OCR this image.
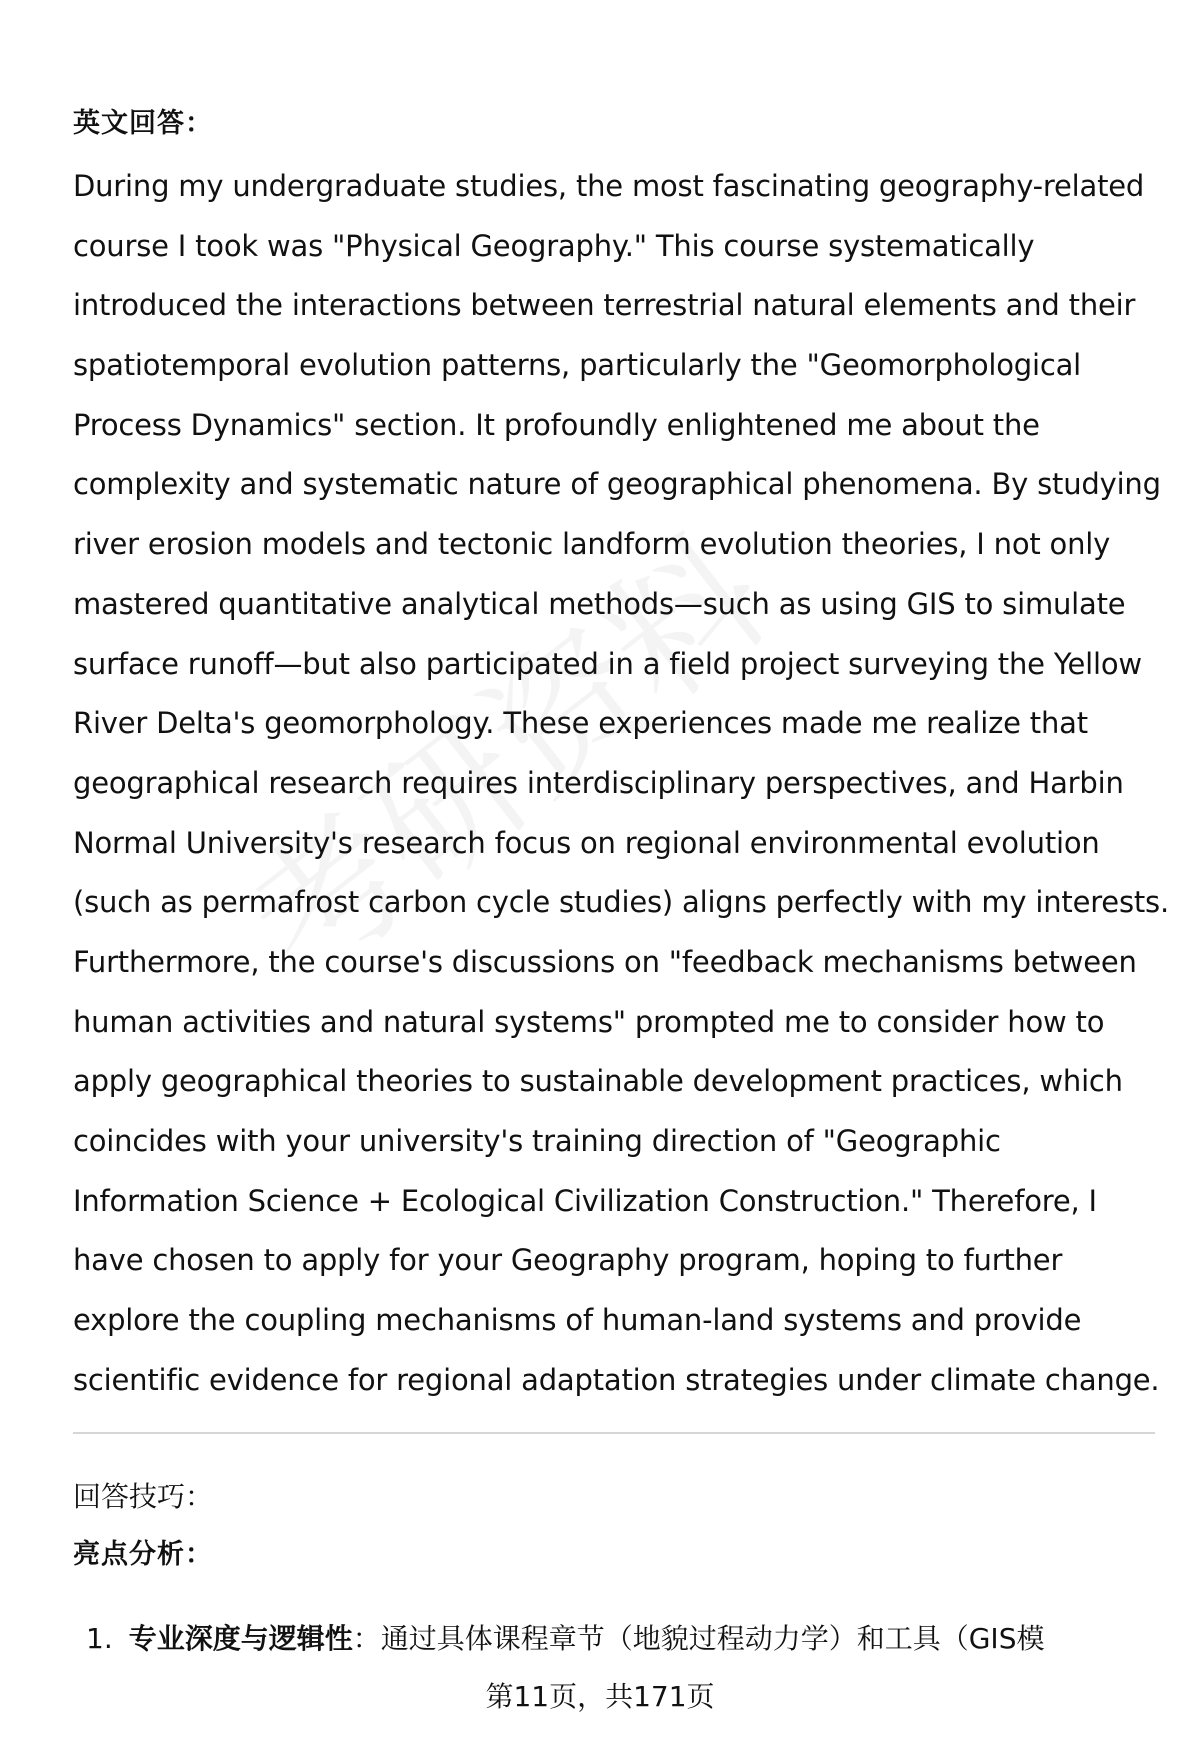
英文回答：
During my undergraduate studies, the most fascinating geography-related
course I took was "Physical Geography." This course systematically
introduced the interactions between terrestrial natural elements and their
spatiotemporal evolution patterns, particularly the "Geomorphological
Process Dynamics" section. It profoundly enlightened me about the
complexity and systematic nature of geographical phenomena. By studying
river erosion models and tectonic landform evolution theories, I not only
mastered quantitative analytical methods—such as using GIS to simulate
surface runoff—but also participated in a field project surveying the Yellow
River Delta's geomorphology. These experiences made me realize that
geographical research requires interdisciplinary perspectives, and Harbin
Normal University's research focus on regional environmental evolution
(such as permafrost carbon cycle studies) aligns perfectly with my interests.
Furthermore, the course's discussions on "feedback mechanisms between
human activities and natural systems" prompted me to consider how to
apply geographical theories to sustainable development practices, which
coincides with your university's training direction of "Geographic
Information Science + Ecological Civilization Construction." Therefore, I
have chosen to apply for your Geography program, hoping to further
explore the coupling mechanisms of human-land systems and provide
scientific evidence for regional adaptation strategies under climate change.
回答技巧：
亮点分析：
1. 专业深度与逻辑性：通过具体课程章节（地貌过程动力学）和工具（GIS模
第11页，共171页
